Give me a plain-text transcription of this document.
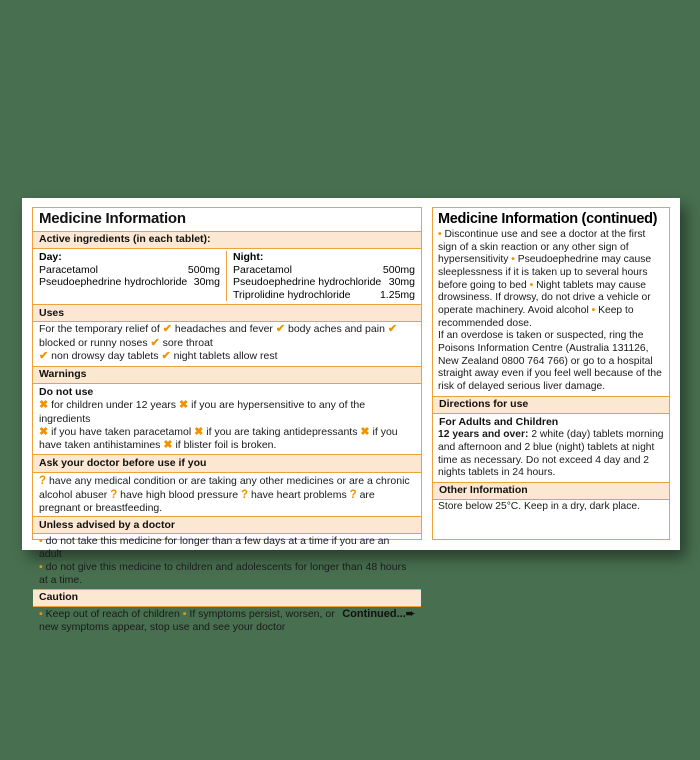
Medicine Information
Active ingredients (in each tablet):
Day:
Paracetamol	500mg
Pseudoephedrine hydrochloride 30mg
Night:
Paracetamol	500mg
Pseudoephedrine hydrochloride 30mg
Triprolidine hydrochloride	1.25mg
Uses
For the temporary relief of ✔ headaches and fever ✔ body aches and pain ✔ blocked or runny noses ✔ sore throat
✔ non drowsy day tablets ✔ night tablets allow rest
Warnings
Do not use
✖ for children under 12 years ✖ if you are hypersensitive to any of the ingredients
✖ if you have taken paracetamol ✖ if you are taking antidepressants ✖ if you have taken antihistamines ✖ if blister foil is broken.
Ask your doctor before use if you
? have any medical condition or are taking any other medicines or are a chronic alcohol abuser ? have high blood pressure ? have heart problems ? are pregnant or breastfeeding.
Unless advised by a doctor
• do not take this medicine for longer than a few days at a time if you are an adult
• do not give this medicine to children and adolescents for longer than 48 hours at a time.
Caution
Continued...➨
• Keep out of reach of children • If symptoms persist, worsen, or new symptoms appear, stop use and see your doctor
Medicine Information (continued)
• Discontinue use and see a doctor at the first sign of a skin reaction or any other sign of hypersensitivity • Pseudoephedrine may cause sleeplessness if it is taken up to several hours before going to bed • Night tablets may cause drowsiness. If drowsy, do not drive a vehicle or operate machinery. Avoid alcohol • Keep to recommended dose.
If an overdose is taken or suspected, ring the Poisons Information Centre (Australia 131126, New Zealand 0800 764 766) or go to a hospital straight away even if you feel well because of the risk of delayed serious liver damage.
Directions for use
For Adults and Children
12 years and over: 2 white (day) tablets morning and afternoon and 2 blue (night) tablets at night time as necessary. Do not exceed 4 day and 2 nights tablets in 24 hours.
Other Information
Store below 25°C. Keep in a dry, dark place.
